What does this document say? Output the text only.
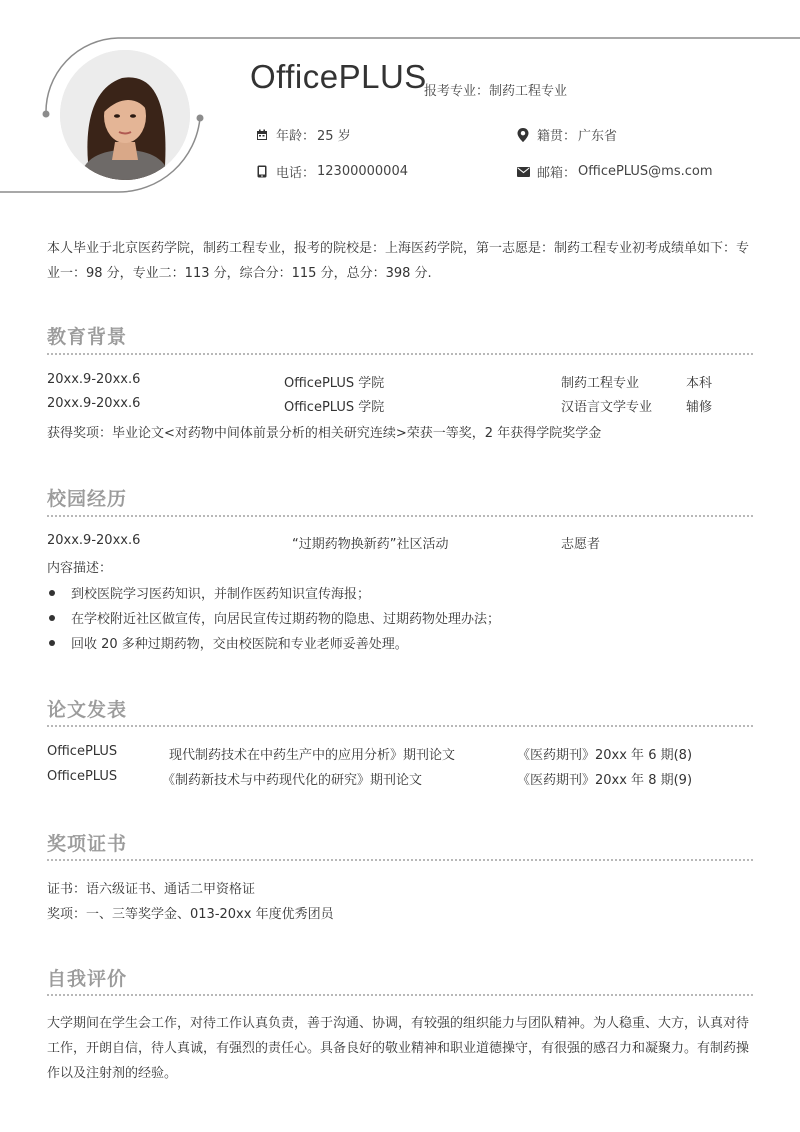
OfficePLUS
报考专业：制药工程专业
年龄： 25 岁	籍贯： 广东省
电话： 12300000004	邮箱： OfficePLUS@ms.com
本人毕业于北京医药学院，制药工程专业，报考的院校是：上海医药学院，第一志愿是：制药工程专业初考成绩单如下：专业一：98 分，专业二：113 分，综合分：115 分，总分：398 分.
教育背景
20xx.9-20xx.6	OfficePLUS 学院	制药工程专业	本科
20xx.9-20xx.6	OfficePLUS 学院	汉语言文学专业	辅修
获得奖项：毕业论文<对药物中间体前景分析的相关研究连续>荣获一等奖，2 年获得学院奖学金
校园经历
20xx.9-20xx.6	“过期药物换新药”社区活动	志愿者
内容描述：
到校医院学习医药知识，并制作医药知识宣传海报；
在学校附近社区做宣传，向居民宣传过期药物的隐患、过期药物处理办法；
回收 20 多种过期药物，交由校医院和专业老师妥善处理。
论文发表
OfficePLUS	现代制药技术在中药生产中的应用分析》期刊论文	《医药期刊》20xx 年 6 期(8)
OfficePLUS	《制药新技术与中药现代化的研究》期刊论文	《医药期刊》20xx 年 8 期(9)
奖项证书
证书：语六级证书、通话二甲资格证
奖项：一、三等奖学金、013-20xx 年度优秀团员
自我评价
大学期间在学生会工作，对待工作认真负责，善于沟通、协调，有较强的组织能力与团队精神。为人稳重、大方，认真对待工作，开朗自信，待人真诚，有强烈的责任心。具备良好的敬业精神和职业道德操守，有很强的感召力和凝聚力。有制药操作以及注射剂的经验。
